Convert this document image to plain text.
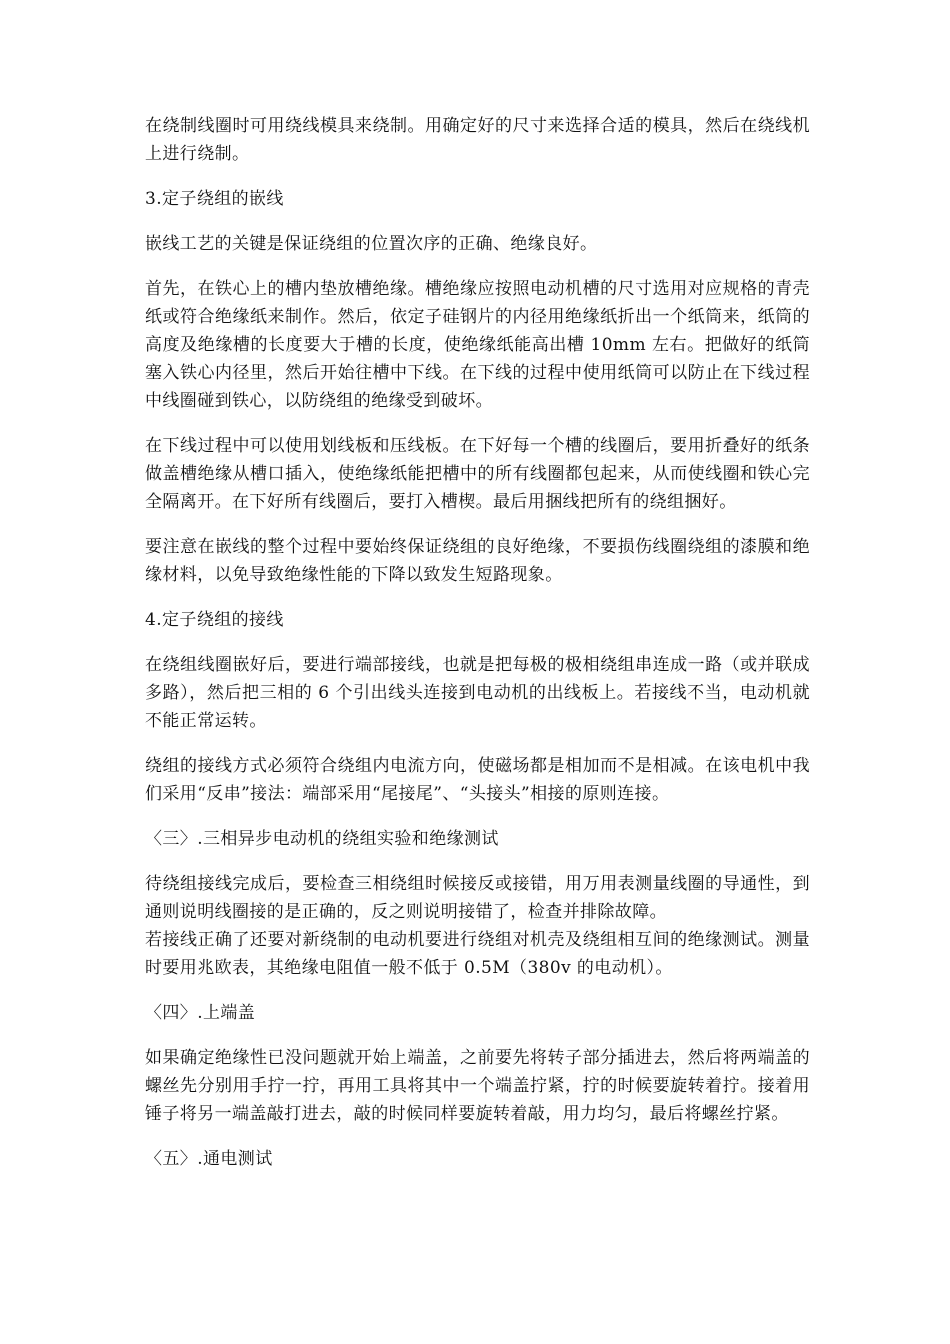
在绕制线圈时可用绕线模具来绕制。用确定好的尺寸来选择合适的模具，然后在绕线机上进行绕制。

3.定子绕组的嵌线

嵌线工艺的关键是保证绕组的位置次序的正确、绝缘良好。

首先，在铁心上的槽内垫放槽绝缘。槽绝缘应按照电动机槽的尺寸选用对应规格的青壳纸或符合绝缘纸来制作。然后，依定子硅钢片的内径用绝缘纸折出一个纸筒来，纸筒的高度及绝缘槽的长度要大于槽的长度，使绝缘纸能高出槽 10mm 左右。把做好的纸筒塞入铁心内径里，然后开始往槽中下线。在下线的过程中使用纸筒可以防止在下线过程中线圈碰到铁心，以防绕组的绝缘受到破坏。

在下线过程中可以使用划线板和压线板。在下好每一个槽的线圈后，要用折叠好的纸条做盖槽绝缘从槽口插入，使绝缘纸能把槽中的所有线圈都包起来，从而使线圈和铁心完全隔离开。在下好所有线圈后，要打入槽楔。最后用捆线把所有的绕组捆好。

要注意在嵌线的整个过程中要始终保证绕组的良好绝缘，不要损伤线圈绕组的漆膜和绝缘材料，以免导致绝缘性能的下降以致发生短路现象。

4.定子绕组的接线

在绕组线圈嵌好后，要进行端部接线，也就是把每极的极相绕组串连成一路（或并联成多路），然后把三相的 6 个引出线头连接到电动机的出线板上。若接线不当，电动机就不能正常运转。

绕组的接线方式必须符合绕组内电流方向，使磁场都是相加而不是相减。在该电机中我们采用“反串”接法：端部采用“尾接尾”、“头接头”相接的原则连接。

〈三〉.三相异步电动机的绕组实验和绝缘测试

待绕组接线完成后，要检查三相绕组时候接反或接错，用万用表测量线圈的导通性，到通则说明线圈接的是正确的，反之则说明接错了，检查并排除故障。

若接线正确了还要对新绕制的电动机要进行绕组对机壳及绕组相互间的绝缘测试。测量时要用兆欧表，其绝缘电阻值一般不低于 0.5M（380v 的电动机）。

〈四〉.上端盖

如果确定绝缘性已没问题就开始上端盖，之前要先将转子部分插进去，然后将两端盖的螺丝先分别用手拧一拧，再用工具将其中一个端盖拧紧，拧的时候要旋转着拧。接着用锤子将另一端盖敲打进去，敲的时候同样要旋转着敲，用力均匀，最后将螺丝拧紧。

〈五〉.通电测试
